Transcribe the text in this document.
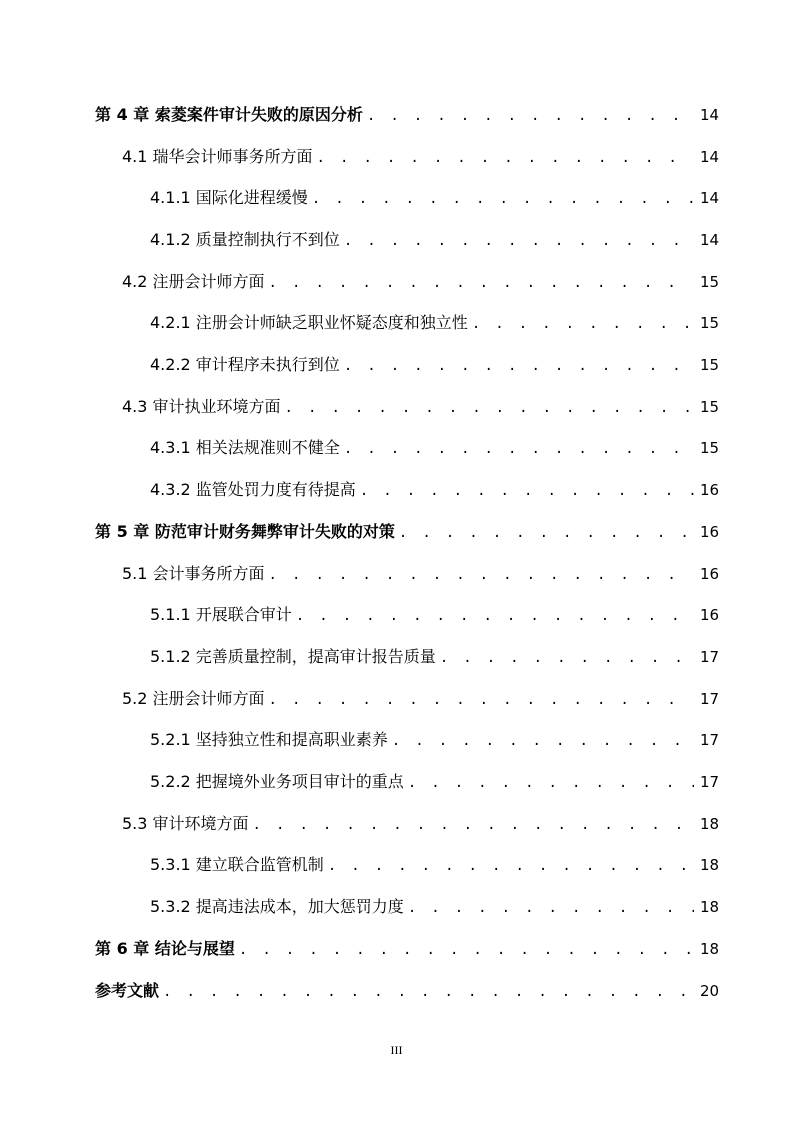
第 4 章 索菱案件审计失败的原因分析 . . .	14
4.1 瑞华会计师事务所方面 . . .	14
4.1.1 国际化进程缓慢 . . .	14
4.1.2 质量控制执行不到位 . . .	14
4.2 注册会计师方面 . . .	15
4.2.1 注册会计师缺乏职业怀疑态度和独立性 . . .	15
4.2.2 审计程序未执行到位 . . .	15
4.3 审计执业环境方面 . . .	15
4.3.1 相关法规准则不健全 . . .	15
4.3.2 监管处罚力度有待提高 . . .	16
第 5 章 防范审计财务舞弊审计失败的对策 . . .	16
5.1 会计事务所方面 . . .	16
5.1.1 开展联合审计 . . .	16
5.1.2 完善质量控制，提高审计报告质量 . . .	17
5.2 注册会计师方面 . . .	17
5.2.1 坚持独立性和提高职业素养 . . .	17
5.2.2 把握境外业务项目审计的重点 . . .	17
5.3 审计环境方面 . . .	18
5.3.1 建立联合监管机制 . . .	18
5.3.2 提高违法成本，加大惩罚力度 . . .	18
第 6 章 结论与展望 . . .	18
参考文献 . . .	20
III
